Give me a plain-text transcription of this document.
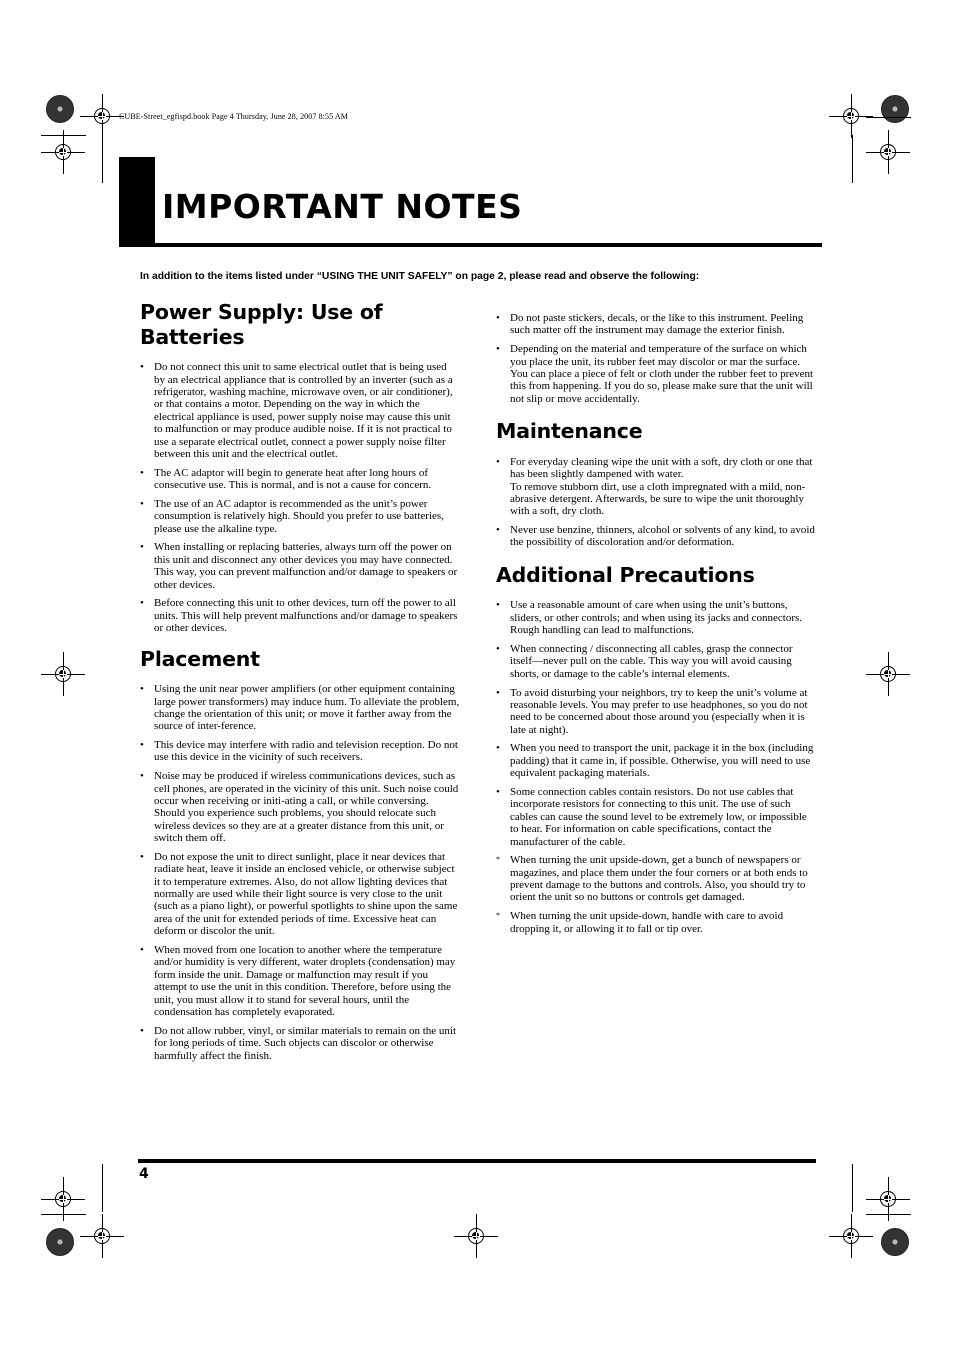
CUBE-Street_egfispd.book Page 4 Thursday, June 28, 2007 8:55 AM
IMPORTANT NOTES

In addition to the items listed under “USING THE UNIT SAFELY” on page 2, please read and observe the following:

Power Supply: Use of Batteries
• Do not connect this unit to same electrical outlet that is being used by an electrical appliance that is controlled by an inverter (such as a refrigerator, washing machine, microwave oven, or air conditioner), or that contains a motor. Depending on the way in which the electrical appliance is used, power supply noise may cause this unit to malfunction or may produce audible noise. If it is not practical to use a separate electrical outlet, connect a power supply noise filter between this unit and the electrical outlet.
• The AC adaptor will begin to generate heat after long hours of consecutive use. This is normal, and is not a cause for concern.
• The use of an AC adaptor is recommended as the unit’s power consumption is relatively high. Should you prefer to use batteries, please use the alkaline type.
• When installing or replacing batteries, always turn off the power on this unit and disconnect any other devices you may have connected. This way, you can prevent malfunction and/or damage to speakers or other devices.
• Before connecting this unit to other devices, turn off the power to all units. This will help prevent malfunctions and/or damage to speakers or other devices.
Placement
• Using the unit near power amplifiers (or other equipment containing large power transformers) may induce hum. To alleviate the problem, change the orientation of this unit; or move it farther away from the source of inter-ference.
• This device may interfere with radio and television reception. Do not use this device in the vicinity of such receivers.
• Noise may be produced if wireless communications devices, such as cell phones, are operated in the vicinity of this unit. Such noise could occur when receiving or initi-ating a call, or while conversing. Should you experience such problems, you should relocate such wireless devices so they are at a greater distance from this unit, or switch them off.
• Do not expose the unit to direct sunlight, place it near devices that radiate heat, leave it inside an enclosed vehicle, or otherwise subject it to temperature extremes. Also, do not allow lighting devices that normally are used while their light source is very close to the unit (such as a piano light), or powerful spotlights to shine upon the same area of the unit for extended periods of time. Excessive heat can deform or discolor the unit.
• When moved from one location to another where the temperature and/or humidity is very different, water droplets (condensation) may form inside the unit. Damage or malfunction may result if you attempt to use the unit in this condition. Therefore, before using the unit, you must allow it to stand for several hours, until the condensation has completely evaporated.
• Do not allow rubber, vinyl, or similar materials to remain on the unit for long periods of time. Such objects can discolor or otherwise harmfully affect the finish.
• Do not paste stickers, decals, or the like to this instrument. Peeling such matter off the instrument may damage the exterior finish.
• Depending on the material and temperature of the surface on which you place the unit, its rubber feet may discolor or mar the surface.
You can place a piece of felt or cloth under the rubber feet to prevent this from happening. If you do so, please make sure that the unit will not slip or move accidentally.
Maintenance
• For everyday cleaning wipe the unit with a soft, dry cloth or one that has been slightly dampened with water.
To remove stubborn dirt, use a cloth impregnated with a mild, non-abrasive detergent. Afterwards, be sure to wipe the unit thoroughly with a soft, dry cloth.
• Never use benzine, thinners, alcohol or solvents of any kind, to avoid the possibility of discoloration and/or deformation.
Additional Precautions
• Use a reasonable amount of care when using the unit’s buttons, sliders, or other controls; and when using its jacks and connectors. Rough handling can lead to malfunctions.
• When connecting / disconnecting all cables, grasp the connector itself—never pull on the cable. This way you will avoid causing shorts, or damage to the cable’s internal elements.
• To avoid disturbing your neighbors, try to keep the unit’s volume at reasonable levels. You may prefer to use headphones, so you do not need to be concerned about those around you (especially when it is late at night).
• When you need to transport the unit, package it in the box (including padding) that it came in, if possible. Otherwise, you will need to use equivalent packaging materials.
• Some connection cables contain resistors. Do not use cables that incorporate resistors for connecting to this unit. The use of such cables can cause the sound level to be extremely low, or impossible to hear. For information on cable specifications, contact the manufacturer of the cable.
* When turning the unit upside-down, get a bunch of newspapers or magazines, and place them under the four corners or at both ends to prevent damage to the buttons and controls. Also, you should try to orient the unit so no buttons or controls get damaged.
* When turning the unit upside-down, handle with care to avoid dropping it, or allowing it to fall or tip over.
4
